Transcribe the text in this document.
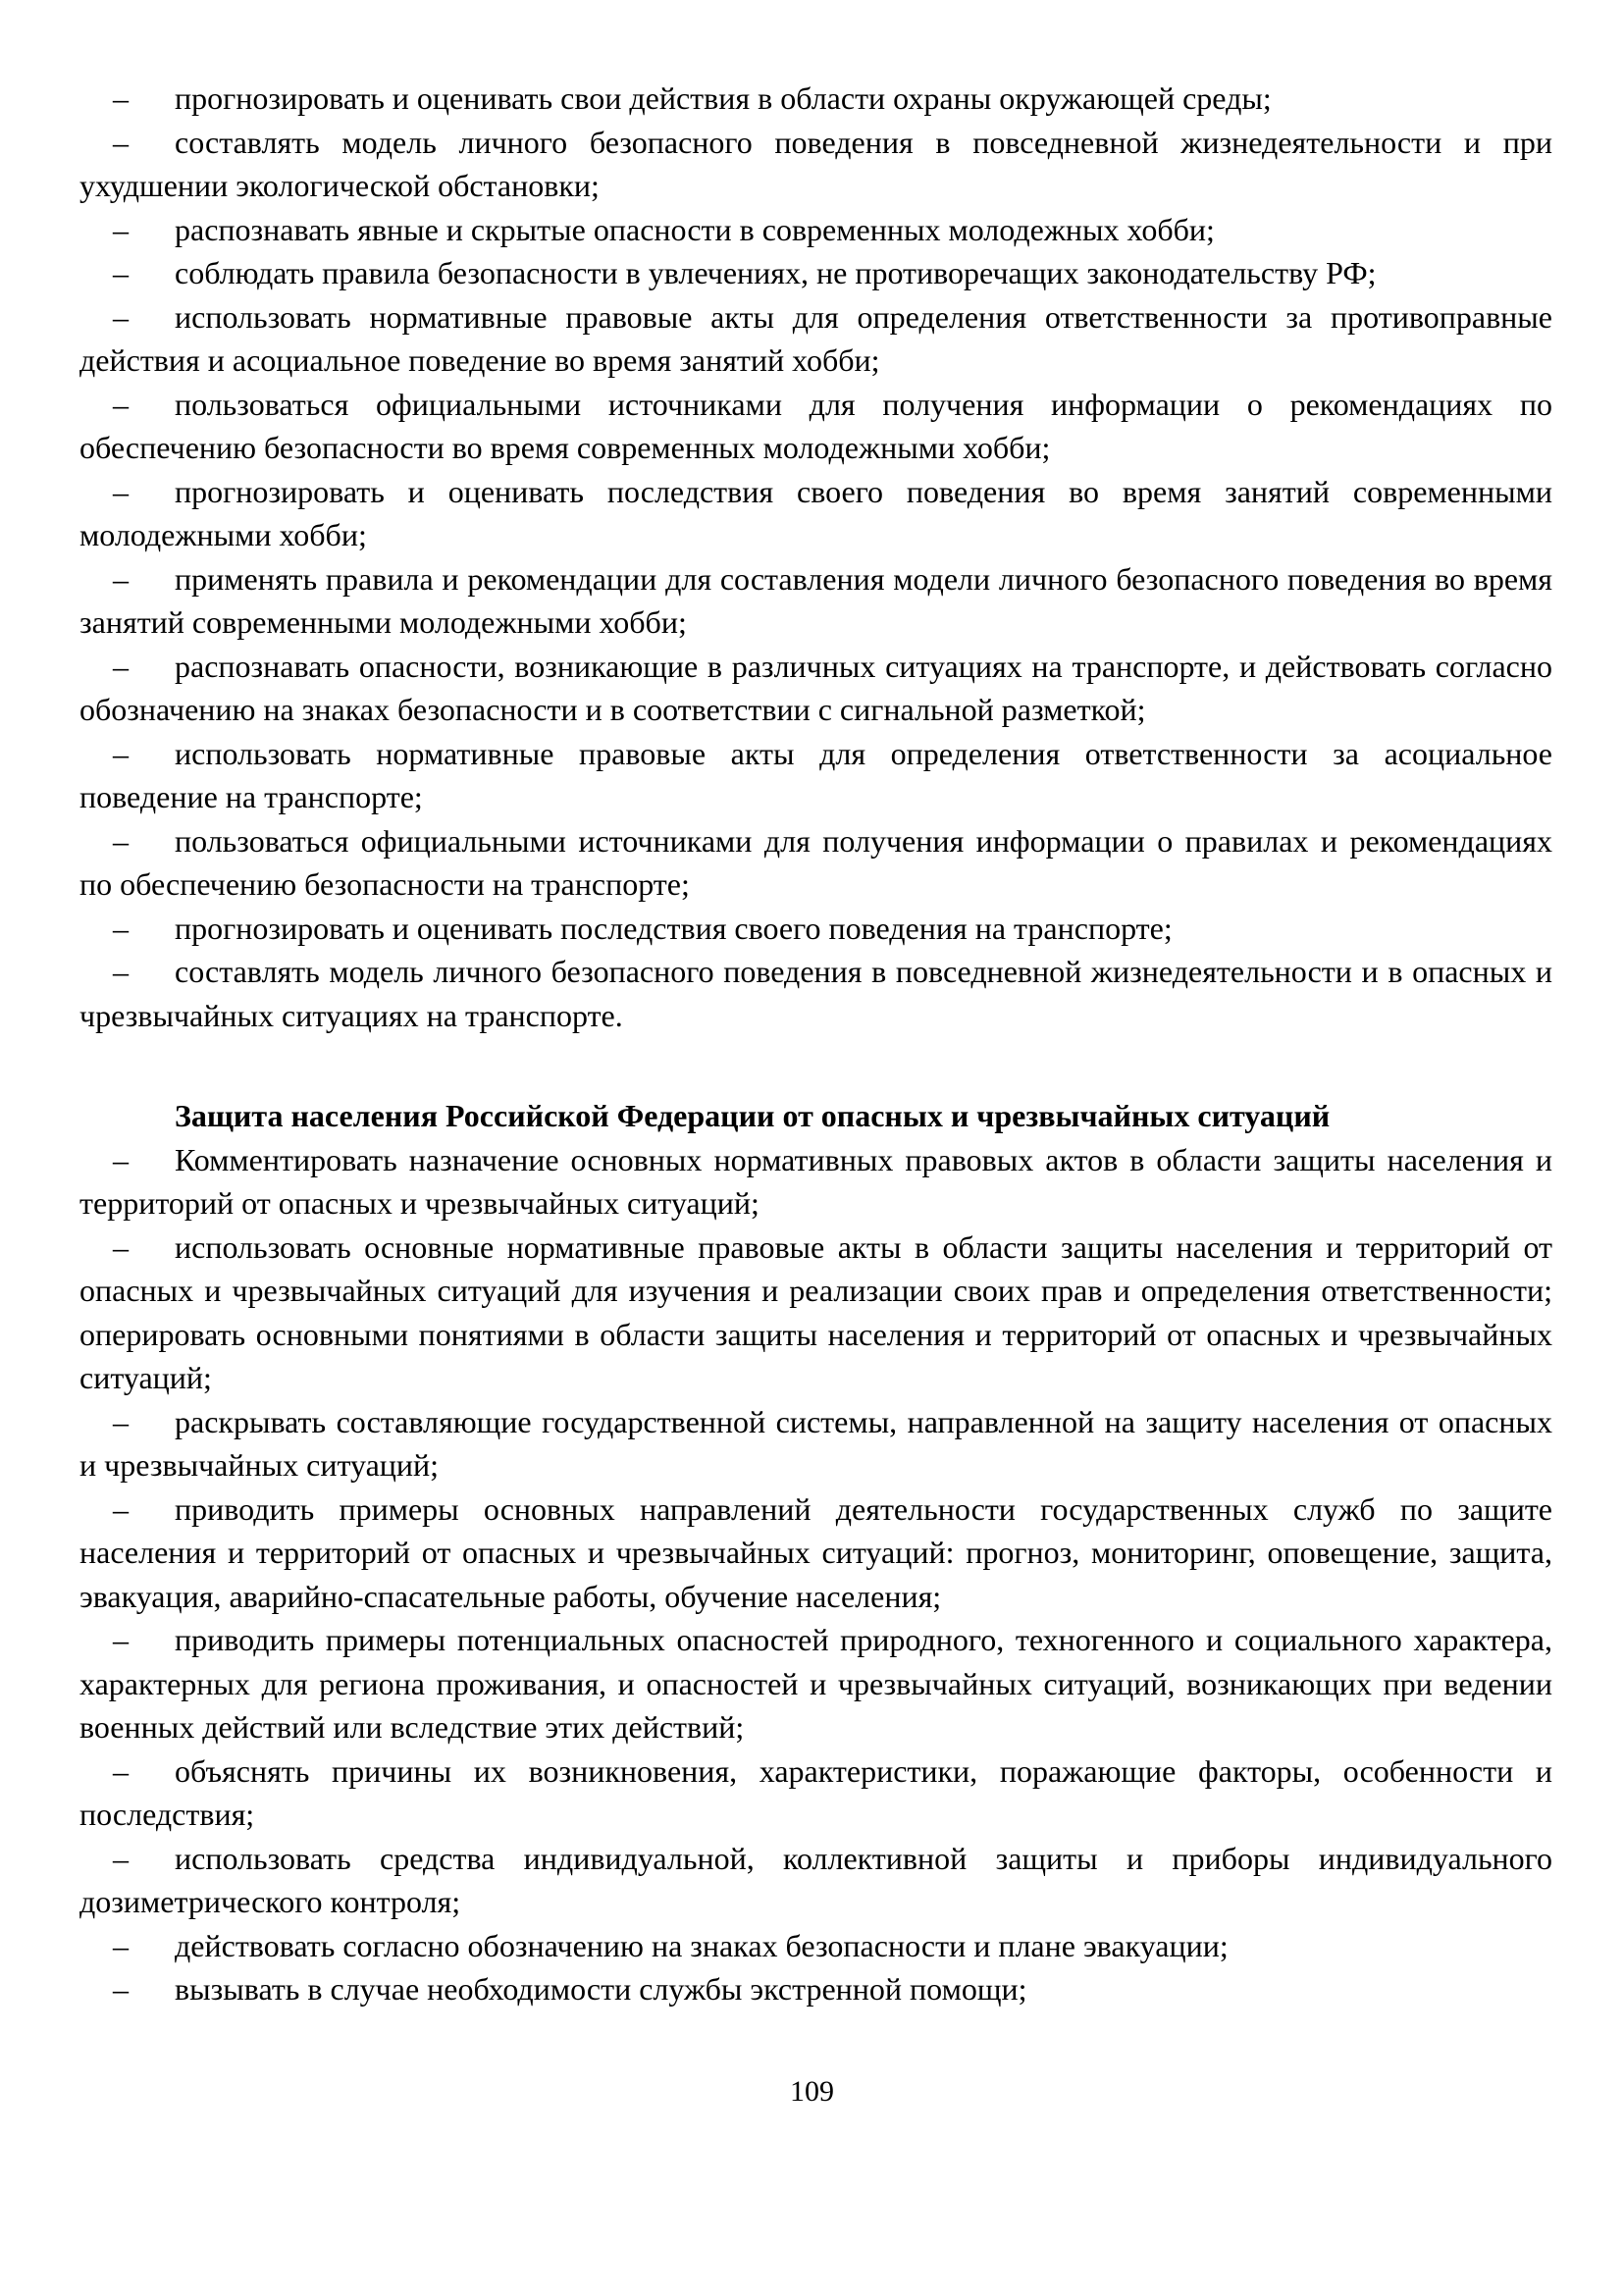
– прогнозировать и оценивать свои действия в области охраны окружающей среды;

– составлять модель личного безопасного поведения в повседневной жизнедеятельности и при ухудшении экологической обстановки;

– распознавать явные и скрытые опасности в современных молодежных хобби;

– соблюдать правила безопасности в увлечениях, не противоречащих законодательству РФ;

– использовать нормативные правовые акты для определения ответственности за противоправные действия и асоциальное поведение во время занятий хобби;

– пользоваться официальными источниками для получения информации о рекомендациях по обеспечению безопасности во время современных молодежными хобби;

– прогнозировать и оценивать последствия своего поведения во время занятий современными молодежными хобби;

– применять правила и рекомендации для составления модели личного безопасного поведения во время занятий современными молодежными хобби;

– распознавать опасности, возникающие в различных ситуациях на транспорте, и действовать согласно обозначению на знаках безопасности и в соответствии с сигнальной разметкой;

– использовать нормативные правовые акты для определения ответственности за асоциальное поведение на транспорте;

– пользоваться официальными источниками для получения информации о правилах и рекомендациях по обеспечению безопасности на транспорте;

– прогнозировать и оценивать последствия своего поведения на транспорте;

– составлять модель личного безопасного поведения в повседневной жизнедеятельности и в опасных и чрезвычайных ситуациях на транспорте.

Защита населения Российской Федерации от опасных и чрезвычайных ситуаций

– Комментировать назначение основных нормативных правовых актов в области защиты населения и территорий от опасных и чрезвычайных ситуаций;

– использовать основные нормативные правовые акты в области защиты населения и территорий от опасных и чрезвычайных ситуаций для изучения и реализации своих прав и определения ответственности; оперировать основными понятиями в области защиты населения и территорий от опасных и чрезвычайных ситуаций;

– раскрывать составляющие государственной системы, направленной на защиту населения от опасных и чрезвычайных ситуаций;

– приводить примеры основных направлений деятельности государственных служб по защите населения и территорий от опасных и чрезвычайных ситуаций: прогноз, мониторинг, оповещение, защита, эвакуация, аварийно-спасательные работы, обучение населения;

– приводить примеры потенциальных опасностей природного, техногенного и социального характера, характерных для региона проживания, и опасностей и чрезвычайных ситуаций, возникающих при ведении военных действий или вследствие этих действий;

– объяснять причины их возникновения, характеристики, поражающие факторы, особенности и последствия;

– использовать средства индивидуальной, коллективной защиты и приборы индивидуального дозиметрического контроля;

– действовать согласно обозначению на знаках безопасности и плане эвакуации;

– вызывать в случае необходимости службы экстренной помощи;

109
